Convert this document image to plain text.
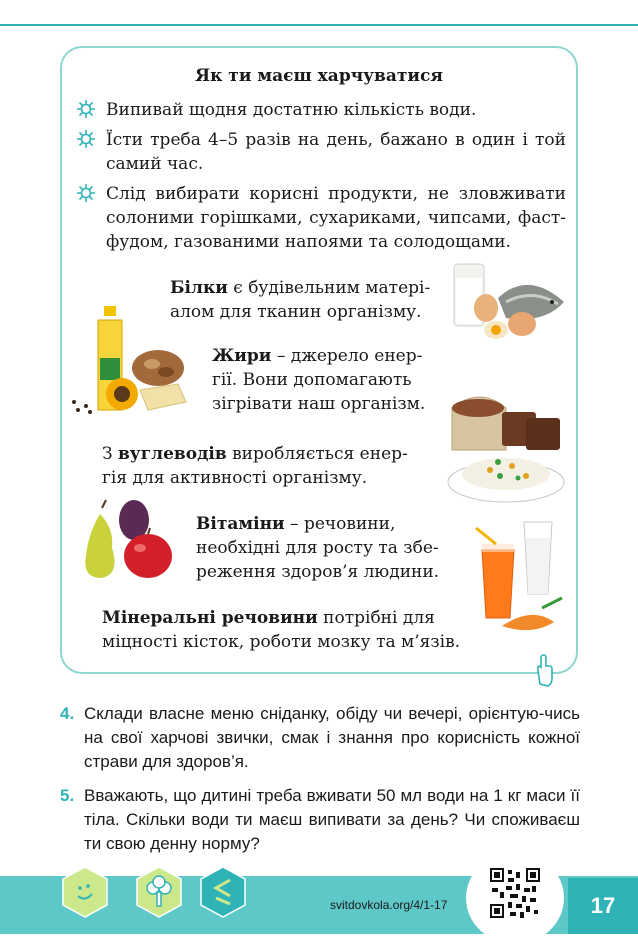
Як ти маєш харчуватися
Випивай щодня достатню кількість води.
Їсти треба 4–5 разів на день, бажано в один і той самий час.
Слід вибирати корисні продукти, не зловживати солоними горішками, сухариками, чипсами, фаст-фудом, газованими напоями та солодощами.
Білки є будівельним матері-алом для тканин організму.
Жири – джерело енер-гії. Вони допомагають зігрівати наш організм.
З вуглеводів виробляється енер-гія для активності організму.
Вітаміни – речовини, необхідні для росту та збе-реження здоров’я людини.
Мінеральні речовини потрібні для міцності кісток, роботи мозку та м’язів.
4. Склади власне меню сніданку, обіду чи вечері, орієнтую-чись на свої харчові звички, смак і знання про корисність кожної страви для здоров’я.
5. Вважають, що дитині треба вживати 50 мл води на 1 кг маси її тіла. Скільки води ти маєш випивати за день? Чи споживаєш ти свою денну норму?
svitdovkola.org/4/1-17	17
